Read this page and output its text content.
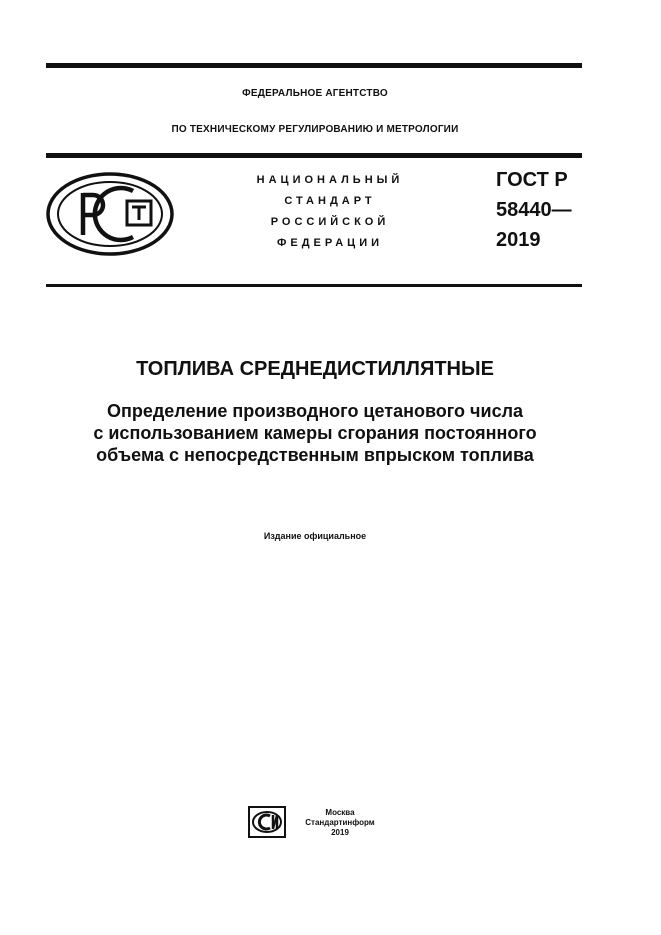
ФЕДЕРАЛЬНОЕ АГЕНТСТВО
ПО ТЕХНИЧЕСКОМУ РЕГУЛИРОВАНИЮ И МЕТРОЛОГИИ
НАЦИОНАЛЬНЫЙ
СТАНДАРТ
РОССИЙСКОЙ
ФЕДЕРАЦИИ
ГОСТ Р
58440—
2019
ТОПЛИВА СРЕДНЕДИСТИЛЛЯТНЫЕ
Определение производного цетанового числа
с использованием камеры сгорания постоянного
объема с непосредственным впрыском топлива
Издание официальное
Москва
Стандартинформ
2019
